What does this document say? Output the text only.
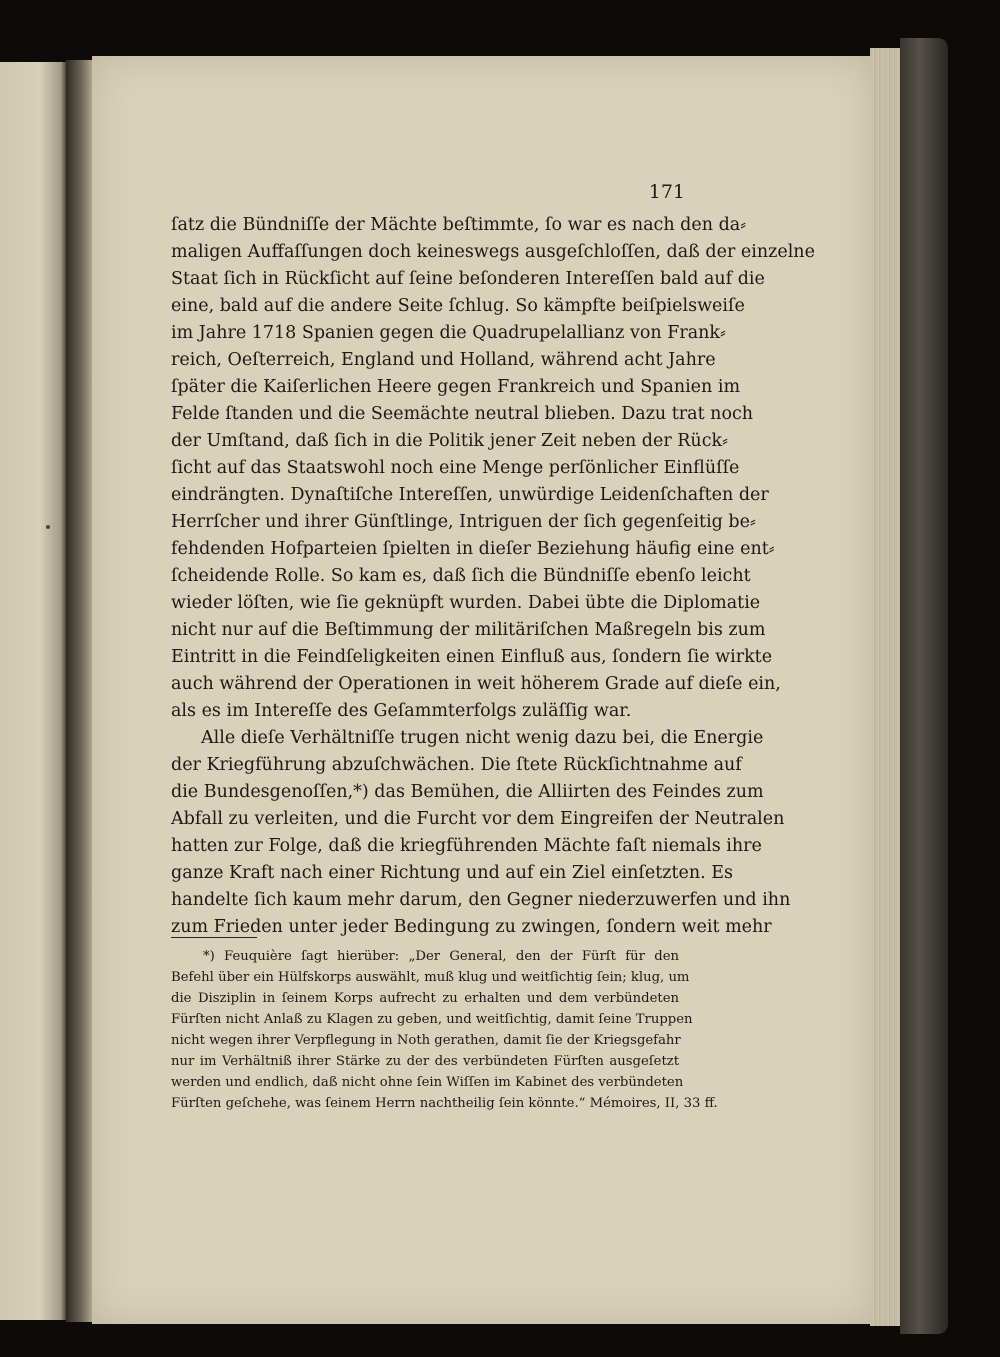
171
ſatz die Bündniſſe der Mächte beſtimmte, ſo war es nach den da⸗
maligen Auffaſſungen doch keineswegs ausgeſchloſſen, daß der einzelne
Staat ſich in Rückſicht auf ſeine beſonderen Intereſſen bald auf die
eine, bald auf die andere Seite ſchlug. So kämpfte beiſpielsweiſe
im Jahre 1718 Spanien gegen die Quadrupelallianz von Frank⸗
reich, Oeſterreich, England und Holland, während acht Jahre
ſpäter die Kaiſerlichen Heere gegen Frankreich und Spanien im
Felde ſtanden und die Seemächte neutral blieben. Dazu trat noch
der Umſtand, daß ſich in die Politik jener Zeit neben der Rück⸗
ſicht auf das Staatswohl noch eine Menge perſönlicher Einflüſſe
eindrängten. Dynaſtiſche Intereſſen, unwürdige Leidenſchaften der
Herrſcher und ihrer Günſtlinge, Intriguen der ſich gegenſeitig be⸗
fehdenden Hofparteien ſpielten in dieſer Beziehung häufig eine ent⸗
ſcheidende Rolle. So kam es, daß ſich die Bündniſſe ebenſo leicht
wieder löſten, wie ſie geknüpft wurden. Dabei übte die Diplomatie
nicht nur auf die Beſtimmung der militäriſchen Maßregeln bis zum
Eintritt in die Feindſeligkeiten einen Einfluß aus, ſondern ſie wirkte
auch während der Operationen in weit höherem Grade auf dieſe ein,
als es im Intereſſe des Geſammterfolgs zuläſſig war.
Alle dieſe Verhältniſſe trugen nicht wenig dazu bei, die Energie
der Kriegführung abzuſchwächen. Die ſtete Rückſichtnahme auf
die Bundesgenoſſen,*) das Bemühen, die Alliirten des Feindes zum
Abfall zu verleiten, und die Furcht vor dem Eingreifen der Neutralen
hatten zur Folge, daß die kriegführenden Mächte faſt niemals ihre
ganze Kraft nach einer Richtung und auf ein Ziel einſetzten. Es
handelte ſich kaum mehr darum, den Gegner niederzuwerfen und ihn
zum Frieden unter jeder Bedingung zu zwingen, ſondern weit mehr
*) Feuquière ſagt hierüber: „Der General, den der Fürſt für den
Befehl über ein Hülfskorps auswählt, muß klug und weitſichtig ſein; klug, um
die Disziplin in ſeinem Korps aufrecht zu erhalten und dem verbündeten
Fürſten nicht Anlaß zu Klagen zu geben, und weitſichtig, damit ſeine Truppen
nicht wegen ihrer Verpflegung in Noth gerathen, damit ſie der Kriegsgefahr
nur im Verhältniß ihrer Stärke zu der des verbündeten Fürſten ausgeſetzt
werden und endlich, daß nicht ohne ſein Wiſſen im Kabinet des verbündeten
Fürſten geſchehe, was ſeinem Herrn nachtheilig ſein könnte.“ Mémoires, II, 33 ff.
